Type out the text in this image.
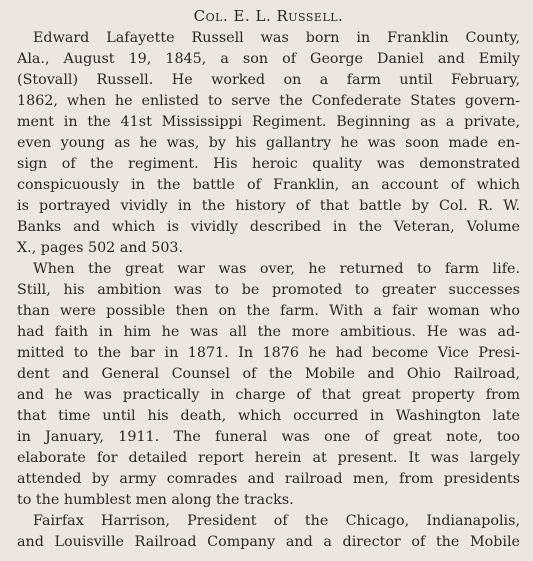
Col. E. L. Russell.
Edward Lafayette Russell was born in Franklin County,
Ala., August 19, 1845, a son of George Daniel and Emily
(Stovall) Russell. He worked on a farm until February,
1862, when he enlisted to serve the Confederate States govern-
ment in the 41st Mississippi Regiment. Beginning as a private,
even young as he was, by his gallantry he was soon made en-
sign of the regiment. His heroic quality was demonstrated
conspicuously in the battle of Franklin, an account of which
is portrayed vividly in the history of that battle by Col. R. W.
Banks and which is vividly described in the Veteran, Volume
X., pages 502 and 503.
When the great war was over, he returned to farm life.
Still, his ambition was to be promoted to greater successes
than were possible then on the farm. With a fair woman who
had faith in him he was all the more ambitious. He was ad-
mitted to the bar in 1871. In 1876 he had become Vice Presi-
dent and General Counsel of the Mobile and Ohio Railroad,
and he was practically in charge of that great property from
that time until his death, which occurred in Washington late
in January, 1911. The funeral was one of great note, too
elaborate for detailed report herein at present. It was largely
attended by army comrades and railroad men, from presidents
to the humblest men along the tracks.
Fairfax Harrison, President of the Chicago, Indianapolis,
and Louisville Railroad Company and a director of the Mobile
